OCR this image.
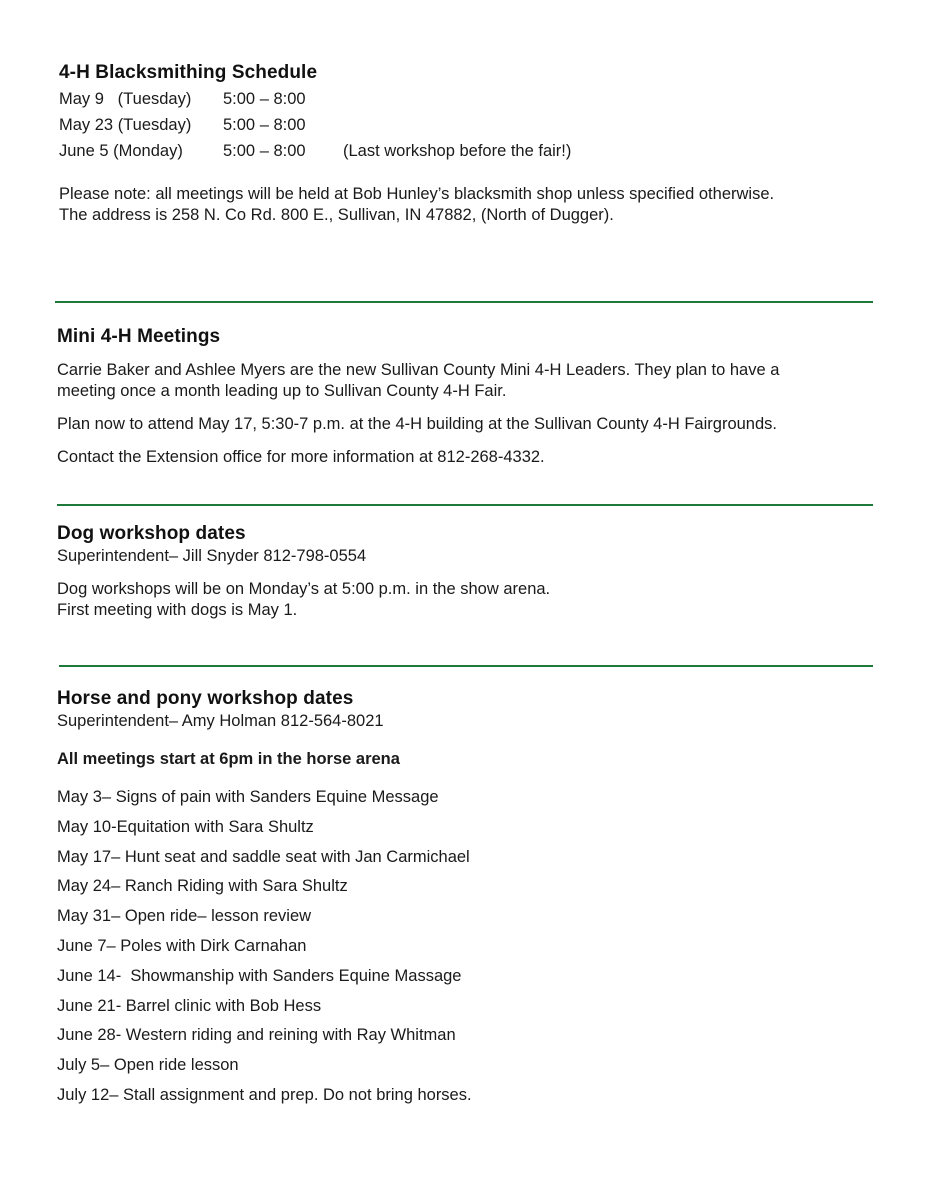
4-H Blacksmithing Schedule
May 9   (Tuesday)	5:00 – 8:00
May 23 (Tuesday)	5:00 – 8:00
June 5 (Monday)	5:00 – 8:00	(Last workshop before the fair!)

Please note: all meetings will be held at Bob Hunley’s blacksmith shop unless specified otherwise.
The address is 258 N. Co Rd. 800 E., Sullivan, IN 47882, (North of Dugger).

Mini 4-H Meetings

Carrie Baker and Ashlee Myers are the new Sullivan County Mini 4-H Leaders. They plan to have a
meeting once a month leading up to Sullivan County 4-H Fair.

Plan now to attend May 17, 5:30-7 p.m. at the 4-H building at the Sullivan County 4-H Fairgrounds.

Contact the Extension office for more information at 812-268-4332.

Dog workshop dates

Superintendent– Jill Snyder 812-798-0554

Dog workshops will be on Monday’s at 5:00 p.m. in the show arena.
First meeting with dogs is May 1.

Horse and pony workshop dates

Superintendent– Amy Holman 812-564-8021

All meetings start at 6pm in the horse arena

May 3– Signs of pain with Sanders Equine Message
May 10-Equitation with Sara Shultz
May 17– Hunt seat and saddle seat with Jan Carmichael
May 24– Ranch Riding with Sara Shultz
May 31– Open ride– lesson review
June 7– Poles with Dirk Carnahan
June 14-  Showmanship with Sanders Equine Massage
June 21- Barrel clinic with Bob Hess
June 28- Western riding and reining with Ray Whitman
July 5– Open ride lesson
July 12– Stall assignment and prep. Do not bring horses.
